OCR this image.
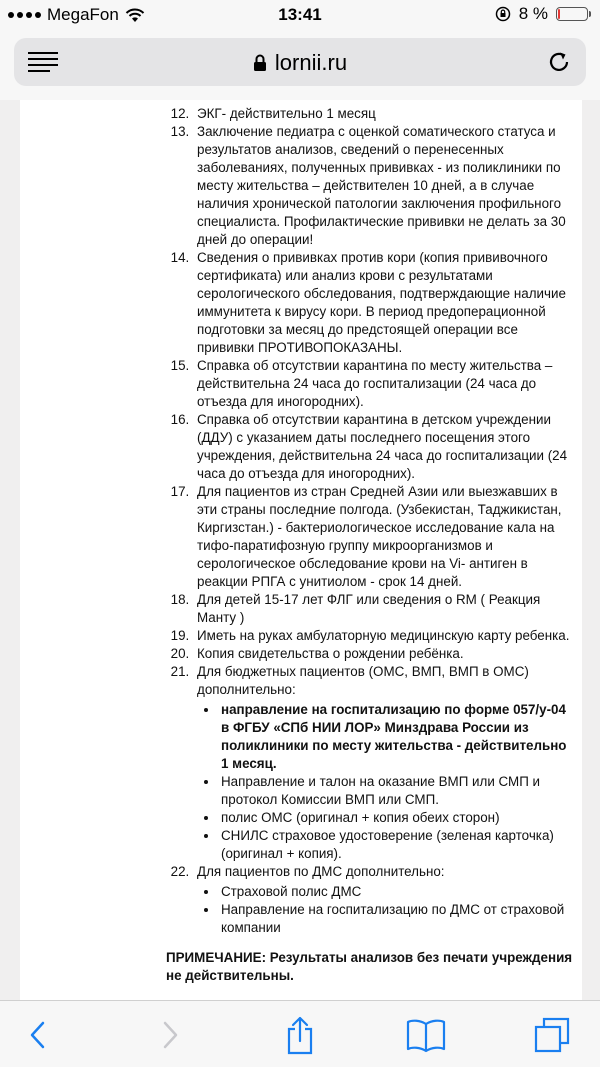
MegaFon	13:41	8 %
lornii.ru
12. ЭКГ- действительно 1 месяц
13. Заключение педиатра с оценкой соматического статуса и результатов анализов, сведений о перенесенных заболеваниях, полученных прививках - из поликлиники по месту жительства – действителен 10 дней, а в случае наличия хронической патологии заключения профильного специалиста. Профилактические прививки не делать за 30 дней до операции!
14. Сведения о прививках против кори (копия прививочного сертификата) или анализ крови с результатами серологического обследования, подтверждающие наличие иммунитета к вирусу кори. В период предоперационной подготовки за месяц до предстоящей операции все прививки ПРОТИВОПОКАЗАНЫ.
15. Справка об отсутствии карантина по месту жительства – действительна 24 часа до госпитализации (24 часа до отъезда для иногородних).
16. Справка об отсутствии карантина в детском учреждении (ДДУ) с указанием даты последнего посещения этого учреждения, действительна 24 часа до госпитализации (24 часа до отъезда для иногородних).
17. Для пациентов из стран Средней Азии или выезжавших в эти страны последние полгода. (Узбекистан, Таджикистан, Киргизстан.) - бактериологическое исследование кала на тифо-паратифозную группу микроорганизмов и серологическое обследование крови на Vi- антиген в реакции РПГА с унитиолом - срок 14 дней.
18. Для детей 15-17 лет ФЛГ или сведения о RM ( Реакция Манту )
19. Иметь на руках амбулаторную медицинскую карту ребенка.
20. Копия свидетельства о рождении ребёнка.
21. Для бюджетных пациентов (ОМС, ВМП, ВМП в ОМС) дополнительно:
• направление на госпитализацию по форме 057/у-04 в ФГБУ «СПб НИИ ЛОР» Минздрава России из поликлиники по месту жительства - действительно 1 месяц.
• Направление и талон на оказание ВМП или СМП и протокол Комиссии ВМП или СМП.
• полис ОМС (оригинал + копия обеих сторон)
• СНИЛС страховое удостоверение (зеленая карточка) (оригинал + копия).
22. Для пациентов по ДМС дополнительно:
• Страховой полис ДМС
• Направление на госпитализацию по ДМС от страховой компании
ПРИМЕЧАНИЕ: Результаты анализов без печати учреждения не действительны.
